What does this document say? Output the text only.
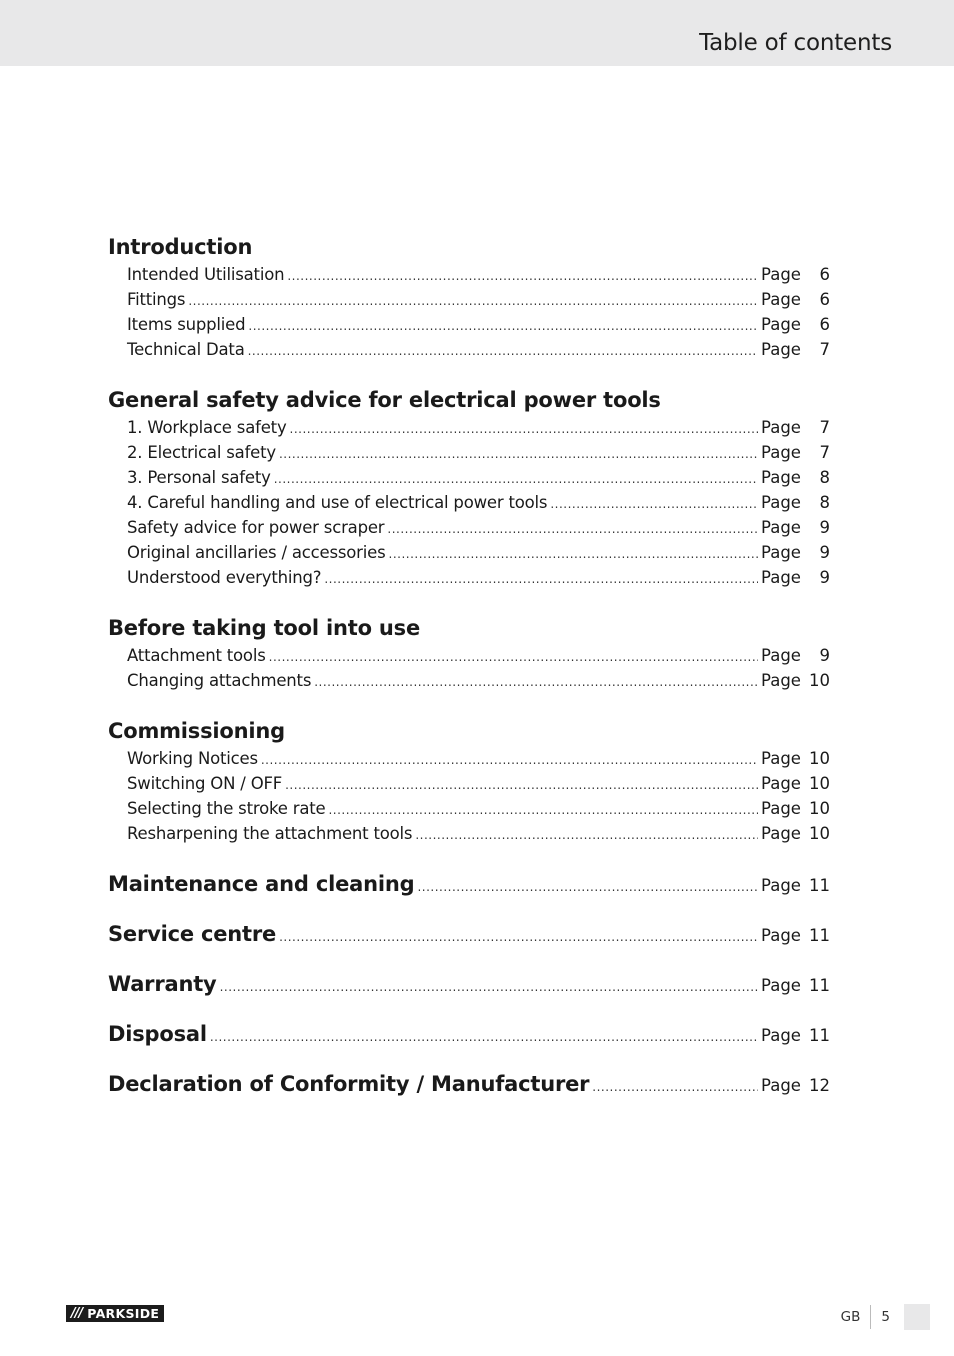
Table of contents
Introduction
Intended Utilisation .....	Page	6
Fittings .....	Page	6
Items supplied .....	Page	6
Technical Data .....	Page	7
General safety advice for electrical power tools
1. Workplace safety .....	Page	7
2. Electrical safety .....	Page	7
3. Personal safety .....	Page	8
4. Careful handling and use of electrical power tools .....	Page	8
Safety advice for power scraper .....	Page	9
Original ancillaries / accessories .....	Page	9
Understood everything? .....	Page	9
Before taking tool into use
Attachment tools .....	Page	9
Changing attachments .....	Page 10
Commissioning
Working Notices .....	Page 10
Switching ON / OFF .....	Page 10
Selecting the stroke rate .....	Page 10
Resharpening the attachment tools .....	Page 10
Maintenance and cleaning .....	Page 11
Service centre .....	Page 11
Warranty .....	Page 11
Disposal .....	Page 11
Declaration of Conformity / Manufacturer .....	Page 12
/// PARKSIDE	GB	5
